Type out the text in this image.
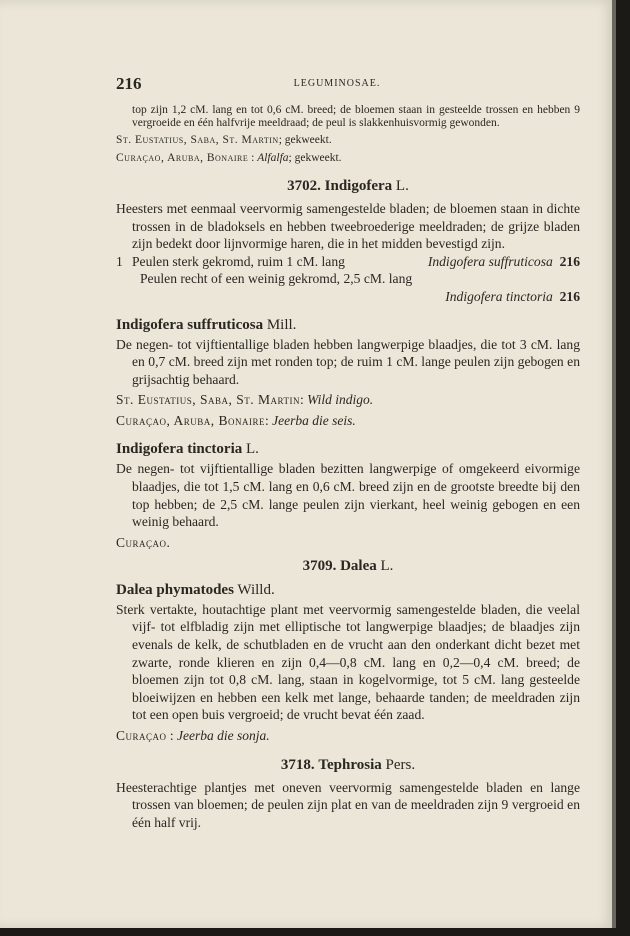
216	LEGUMINOSAE.
top zijn 1,2 cM. lang en tot 0,6 cM. breed; de bloemen staan in gesteelde trossen en hebben 9 vergroeide en één halfvrije meeldraad; de peul is slakkenhuisvormig gewonden.
St. Eustatius, Saba, St. Martin; gekweekt.
Curaçao, Aruba, Bonaire : Alfalfa; gekweekt.
3702. Indigofera L.
Heesters met eenmaal veervormig samengestelde bladen; de bloemen staan in dichte trossen in de bladoksels en hebben tweebroederige meeldraden; de grijze bladen zijn bedekt door lijnvormige haren, die in het midden bevestigd zijn.
1 Peulen sterk gekromd, ruim 1 cM. lang	Indigofera suffruticosa 216
Peulen recht of een weinig gekromd, 2,5 cM. lang
Indigofera tinctoria 216
Indigofera suffruticosa Mill.
De negen- tot vijftientallige bladen hebben langwerpige blaadjes, die tot 3 cM. lang en 0,7 cM. breed zijn met ronden top; de ruim 1 cM. lange peulen zijn gebogen en grijsachtig behaard.
St. Eustatius, Saba, St. Martin: Wild indigo.
Curaçao, Aruba, Bonaire: Jeerba die seis.
Indigofera tinctoria L.
De negen- tot vijftientallige bladen bezitten langwerpige of omgekeerd eivormige blaadjes, die tot 1,5 cM. lang en 0,6 cM. breed zijn en de grootste breedte bij den top hebben; de 2,5 cM. lange peulen zijn vierkant, heel weinig gebogen en een weinig behaard.
Curaçao.
3709. Dalea L.
Dalea phymatodes Willd.
Sterk vertakte, houtachtige plant met veervormig samengestelde bladen, die veelal vijf- tot elfbladig zijn met elliptische tot langwerpige blaadjes; de blaadjes zijn evenals de kelk, de schutbladen en de vrucht aan den onderkant dicht bezet met zwarte, ronde klieren en zijn 0,4—0,8 cM. lang en 0,2—0,4 cM. breed; de bloemen zijn tot 0,8 cM. lang, staan in kogelvormige, tot 5 cM. lang gesteelde bloeiwijzen en hebben een kelk met lange, behaarde tanden; de meeldraden zijn tot een open buis vergroeid; de vrucht bevat één zaad.
Curaçao : Jeerba die sonja.
3718. Tephrosia Pers.
Heesterachtige plantjes met oneven veervormig samengestelde bladen en lange trossen van bloemen; de peulen zijn plat en van de meeldraden zijn 9 vergroeid en één half vrij.
